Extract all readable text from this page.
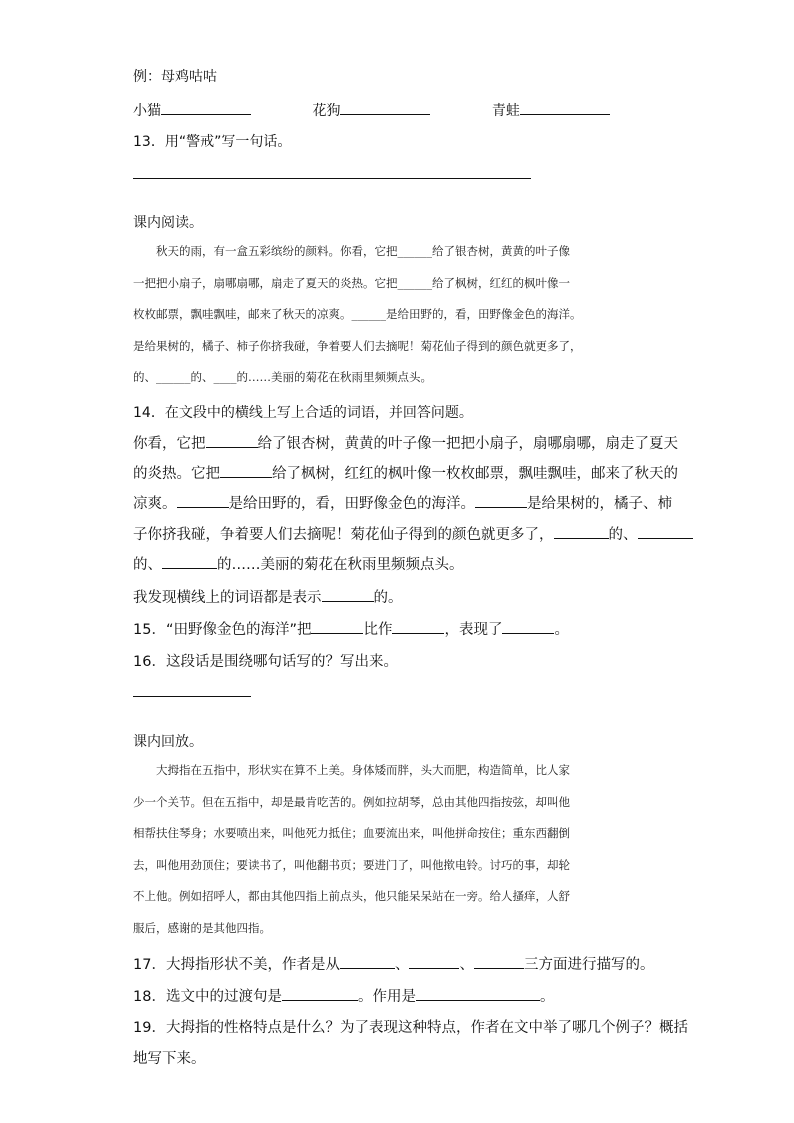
例：母鸡咕咕
小猫	花狗	青蛙
13．用“警戒”写一句话。
课内阅读。

　　秋天的雨，有一盒五彩缤纷的颜料。你看，它把______给了银杏树，黄黄的叶子像

一把把小扇子，扇哪扇哪，扇走了夏天的炎热。它把______给了枫树，红红的枫叶像一

枚枚邮票，飘哇飘哇，邮来了秋天的凉爽。______是给田野的，看，田野像金色的海洋。

是给果树的，橘子、柿子你挤我碰，争着要人们去摘呢！菊花仙子得到的颜色就更多了，

的、______的、____的……美丽的菊花在秋雨里频频点头。

14．在文段中的横线上写上合适的词语，并回答问题。
你看，它把	给了银杏树，黄黄的叶子像一把把小扇子，扇哪扇哪，扇走了夏天
的炎热。它把	给了枫树，红红的枫叶像一枚枚邮票，飘哇飘哇，邮来了秋天的
凉爽。	是给田野的，看，田野像金色的海洋。	是给果树的，橘子、柿
子你挤我碰，争着要人们去摘呢！菊花仙子得到的颜色就更多了，	的、
的、	的……美丽的菊花在秋雨里频频点头。
我发现横线上的词语都是表示	的。
15．“田野像金色的海洋”把	比作	，表现了	。
16．这段话是围绕哪句话写的？写出来。
课内回放。

　　大拇指在五指中，形状实在算不上美。身体矮而胖，头大而肥，构造简单，比人家

少一个关节。但在五指中，却是最肯吃苦的。例如拉胡琴，总由其他四指按弦，却叫他

相帮扶住琴身；水要喷出来，叫他死力抵住；血要流出来，叫他拼命按住；重东西翻倒

去，叫他用劲顶住；要读书了，叫他翻书页；要进门了，叫他揿电铃。讨巧的事，却轮

不上他。例如招呼人，都由其他四指上前点头，他只能呆呆站在一旁。给人搔痒，人舒

服后，感谢的是其他四指。

17．大拇指形状不美，作者是从	、	、	三方面进行描写的。
18．选文中的过渡句是	。作用是	。
19．大拇指的性格特点是什么？为了表现这种特点，作者在文中举了哪几个例子？概括
地写下来。
